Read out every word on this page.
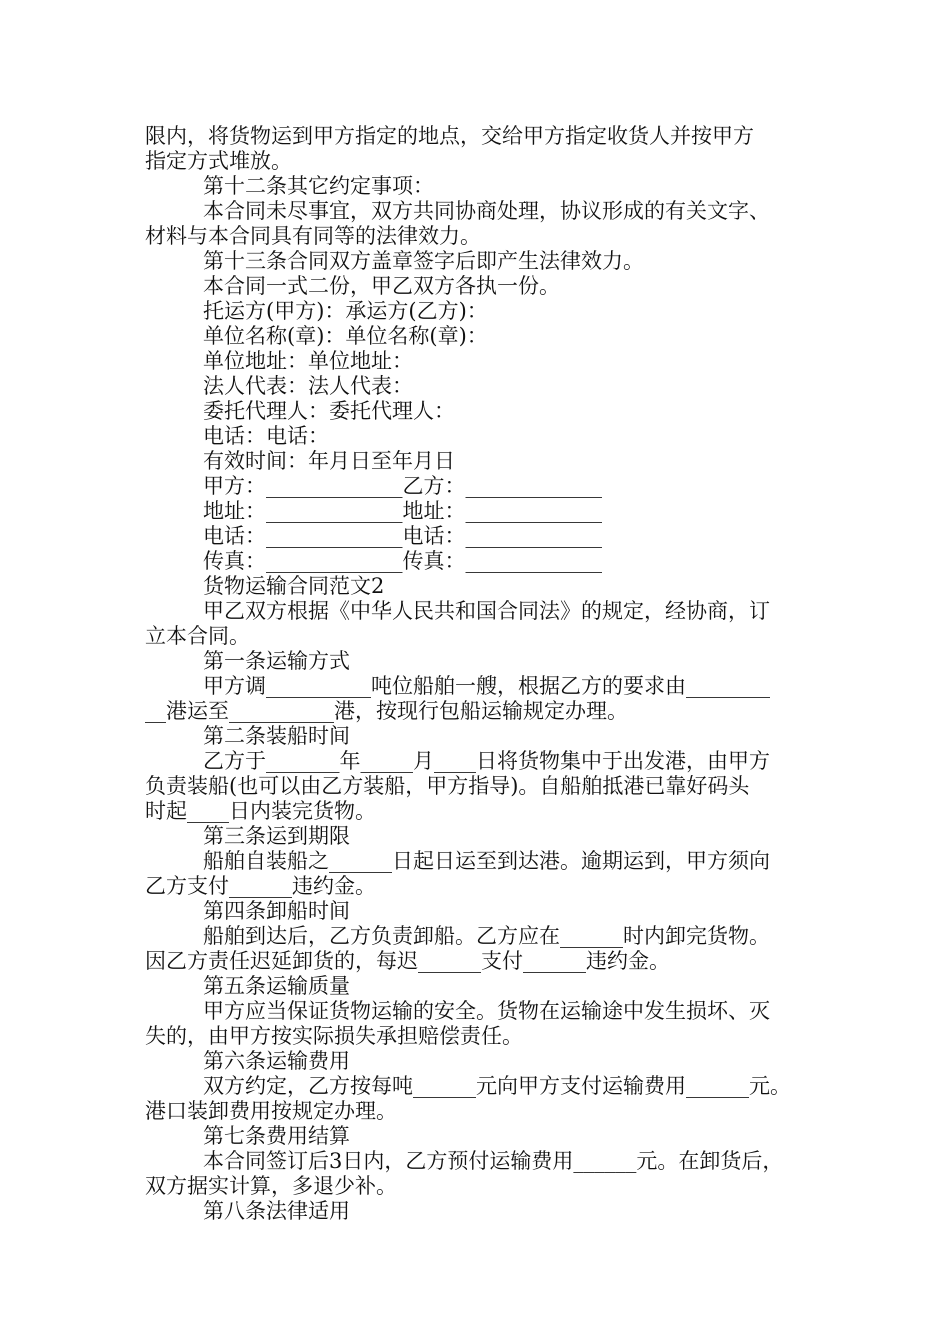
限内，将货物运到甲方指定的地点，交给甲方指定收货人并按甲方
指定方式堆放。
第十二条其它约定事项：
本合同未尽事宜，双方共同协商处理，协议形成的有关文字、
材料与本合同具有同等的法律效力。
第十三条合同双方盖章签字后即产生法律效力。
本合同一式二份，甲乙双方各执一份。
托运方(甲方)：承运方(乙方)：
单位名称(章)：单位名称(章)：
单位地址：单位地址：
法人代表：法人代表：
委托代理人：委托代理人：
电话：电话：
有效时间：年月日至年月日
甲方：_____________乙方：_____________
地址：_____________地址：_____________
电话：_____________电话：_____________
传真：_____________传真：_____________
货物运输合同范文2
甲乙双方根据《中华人民共和国合同法》的规定，经协商，订
立本合同。
第一条运输方式
甲方调__________吨位船舶一艘，根据乙方的要求由________
__港运至__________港，按现行包船运输规定办理。
第二条装船时间
乙方于_______年_____月____日将货物集中于出发港，由甲方
负责装船(也可以由乙方装船，甲方指导)。自船舶抵港已靠好码头
时起____日内装完货物。
第三条运到期限
船舶自装船之______日起日运至到达港。逾期运到，甲方须向
乙方支付______违约金。
第四条卸船时间
船舶到达后，乙方负责卸船。乙方应在______时内卸完货物。
因乙方责任迟延卸货的，每迟______支付______违约金。
第五条运输质量
甲方应当保证货物运输的安全。货物在运输途中发生损坏、灭
失的，由甲方按实际损失承担赔偿责任。
第六条运输费用
双方约定，乙方按每吨______元向甲方支付运输费用______元。
港口装卸费用按规定办理。
第七条费用结算
本合同签订后3日内，乙方预付运输费用______元。在卸货后，
双方据实计算，多退少补。
第八条法律适用
